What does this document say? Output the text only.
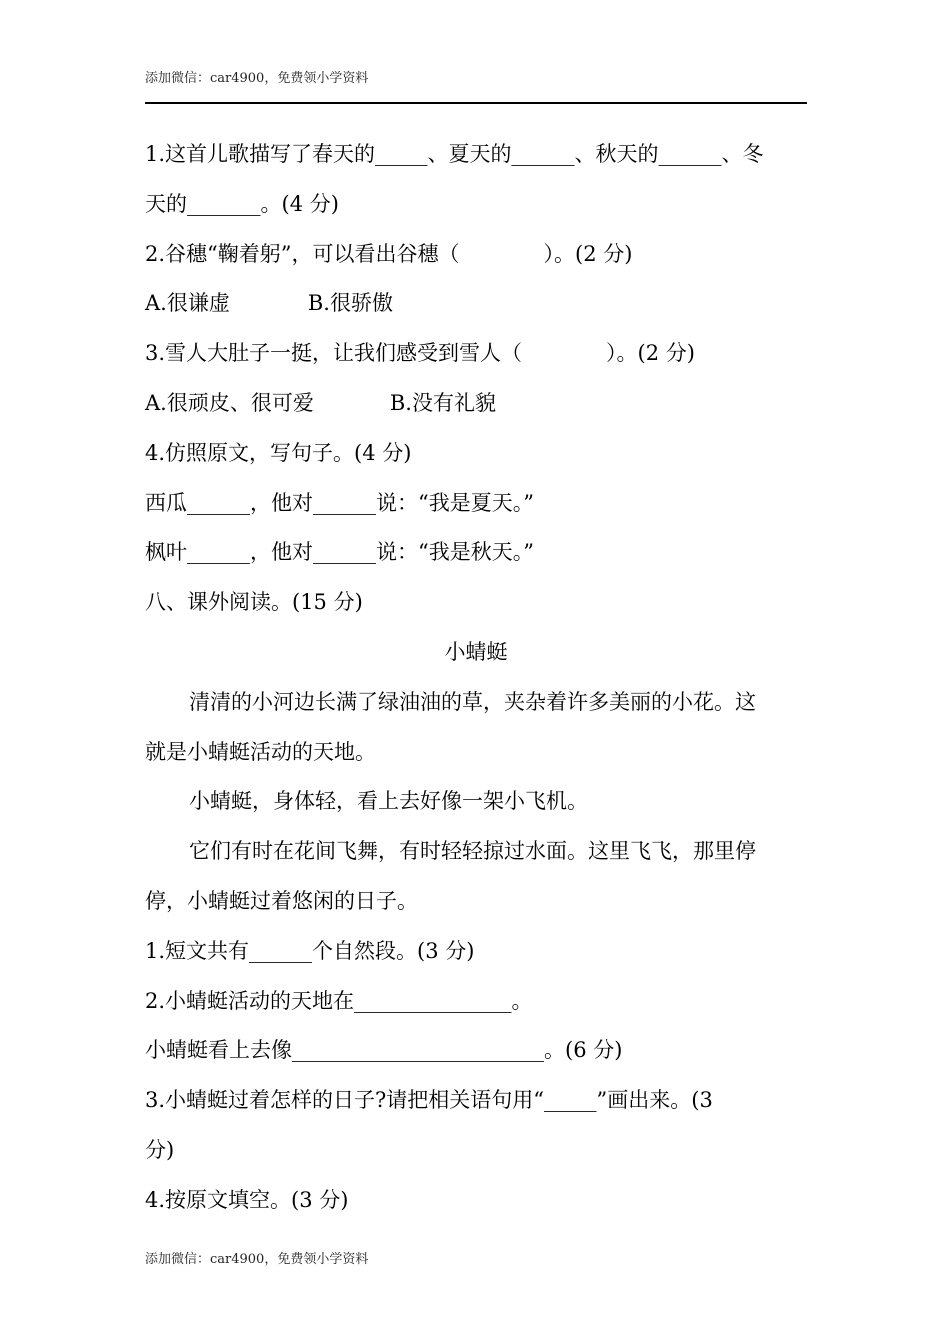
添加微信：car4900，免费领小学资料
1.这首儿歌描写了春天的_____、夏天的______、秋天的______、冬
天的_______。(4 分)
2.谷穗“鞠着躬”，可以看出谷穗（　　　　）。(2 分)
A.很谦虚	B.很骄傲
3.雪人大肚子一挺，让我们感受到雪人（　　　　）。(2 分)
A.很顽皮、很可爱	B.没有礼貌
4.仿照原文，写句子。(4 分)
西瓜______，他对______说：“我是夏天。”
枫叶______，他对______说：“我是秋天。”
八、课外阅读。(15 分)
小蜻蜓
清清的小河边长满了绿油油的草，夹杂着许多美丽的小花。这
就是小蜻蜓活动的天地。
小蜻蜓，身体轻，看上去好像一架小飞机。
它们有时在花间飞舞，有时轻轻掠过水面。这里飞飞，那里停
停，小蜻蜓过着悠闲的日子。
1.短文共有______个自然段。(3 分)
2.小蜻蜓活动的天地在_______________。
小蜻蜓看上去像________________________。(6 分)
3.小蜻蜓过着怎样的日子?请把相关语句用“_____”画出来。(3
分)
4.按原文填空。(3 分)
添加微信：car4900，免费领小学资料
